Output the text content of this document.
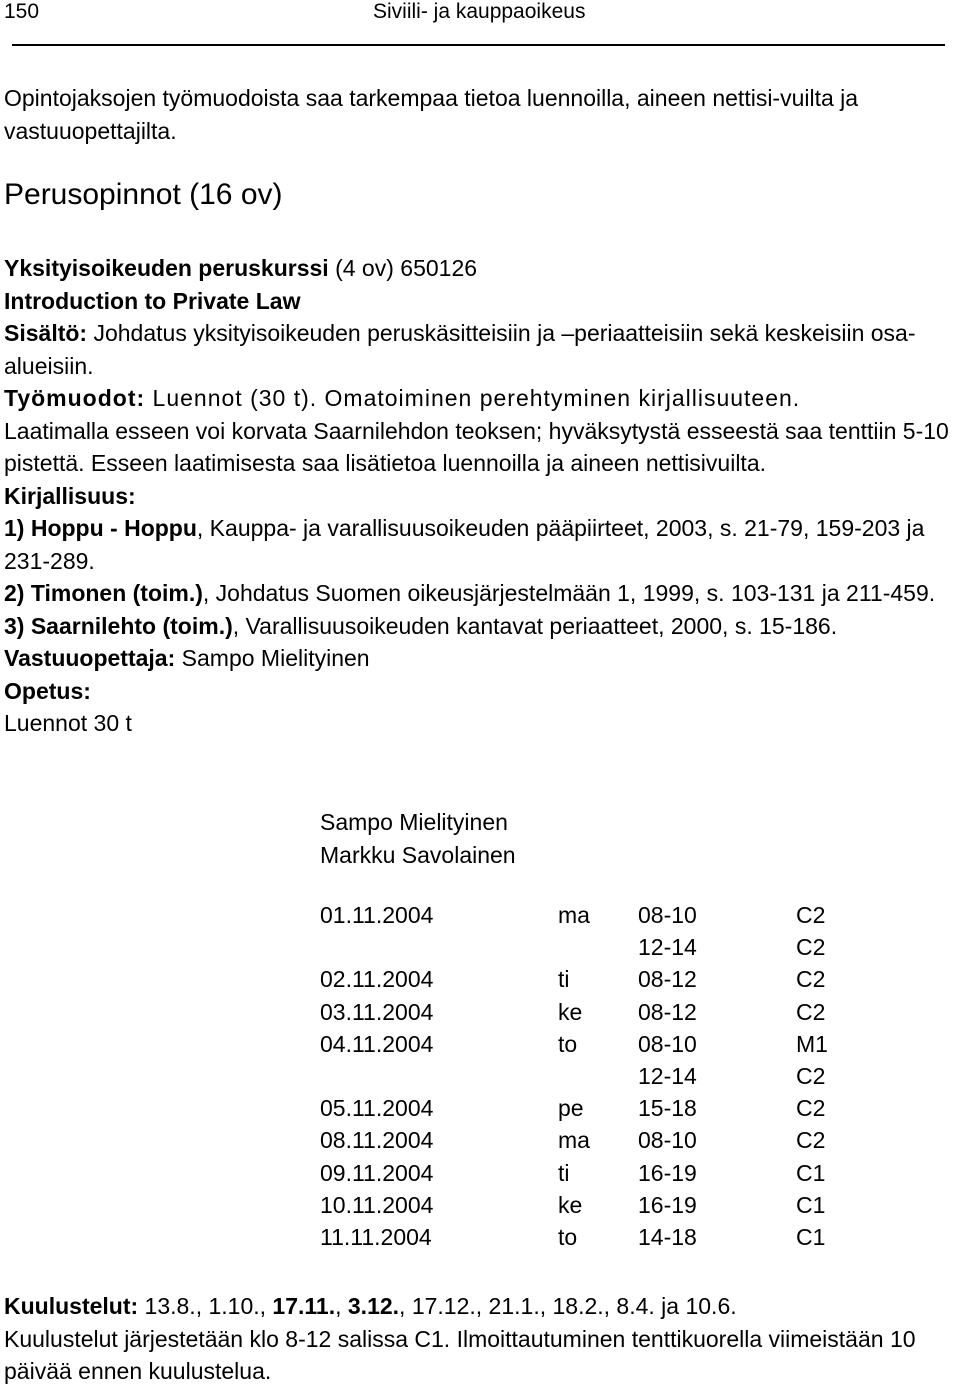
150	Siviili- ja kauppaoikeus
Opintojaksojen työmuodoista saa tarkempaa tietoa luennoilla, aineen nettisi-vuilta ja vastuuopettajilta.
Perusopinnot (16 ov)
Yksityisoikeuden peruskurssi (4 ov) 650126
Introduction to Private Law
Sisältö: Johdatus yksityisoikeuden peruskäsitteisiin ja –periaatteisiin sekä keskeisiin osa-alueisiin.
Työmuodot: Luennot (30 t). Omatoiminen perehtyminen kirjallisuuteen.
Laatimalla esseen voi korvata Saarnilehdon teoksen; hyväksytystä esseestä saa tenttiin 5-10 pistettä. Esseen laatimisesta saa lisätietoa luennoilla ja aineen nettisivuilta.
Kirjallisuus:
1) Hoppu - Hoppu, Kauppa- ja varallisuusoikeuden pääpiirteet, 2003, s. 21-79, 159-203 ja 231-289.
2) Timonen (toim.), Johdatus Suomen oikeusjärjestelmään 1, 1999, s. 103-131 ja 211-459.
3) Saarnilehto (toim.), Varallisuusoikeuden kantavat periaatteet, 2000, s. 15-186.
Vastuuopettaja: Sampo Mielityinen
Opetus:
Luennot 30 t
Sampo Mielityinen
Markku Savolainen
01.11.2004	ma	08-10	C2
		12-14	C2
02.11.2004	ti	08-12	C2
03.11.2004	ke	08-12	C2
04.11.2004	to	08-10	M1
		12-14	C2
05.11.2004	pe	15-18	C2
08.11.2004	ma	08-10	C2
09.11.2004	ti	16-19	C1
10.11.2004	ke	16-19	C1
11.11.2004	to	14-18	C1
Kuulustelut: 13.8., 1.10., 17.11., 3.12., 17.12., 21.1., 18.2., 8.4. ja 10.6.
Kuulustelut järjestetään klo 8-12 salissa C1. Ilmoittautuminen tenttikuorella viimeistään 10 päivää ennen kuulustelua.
